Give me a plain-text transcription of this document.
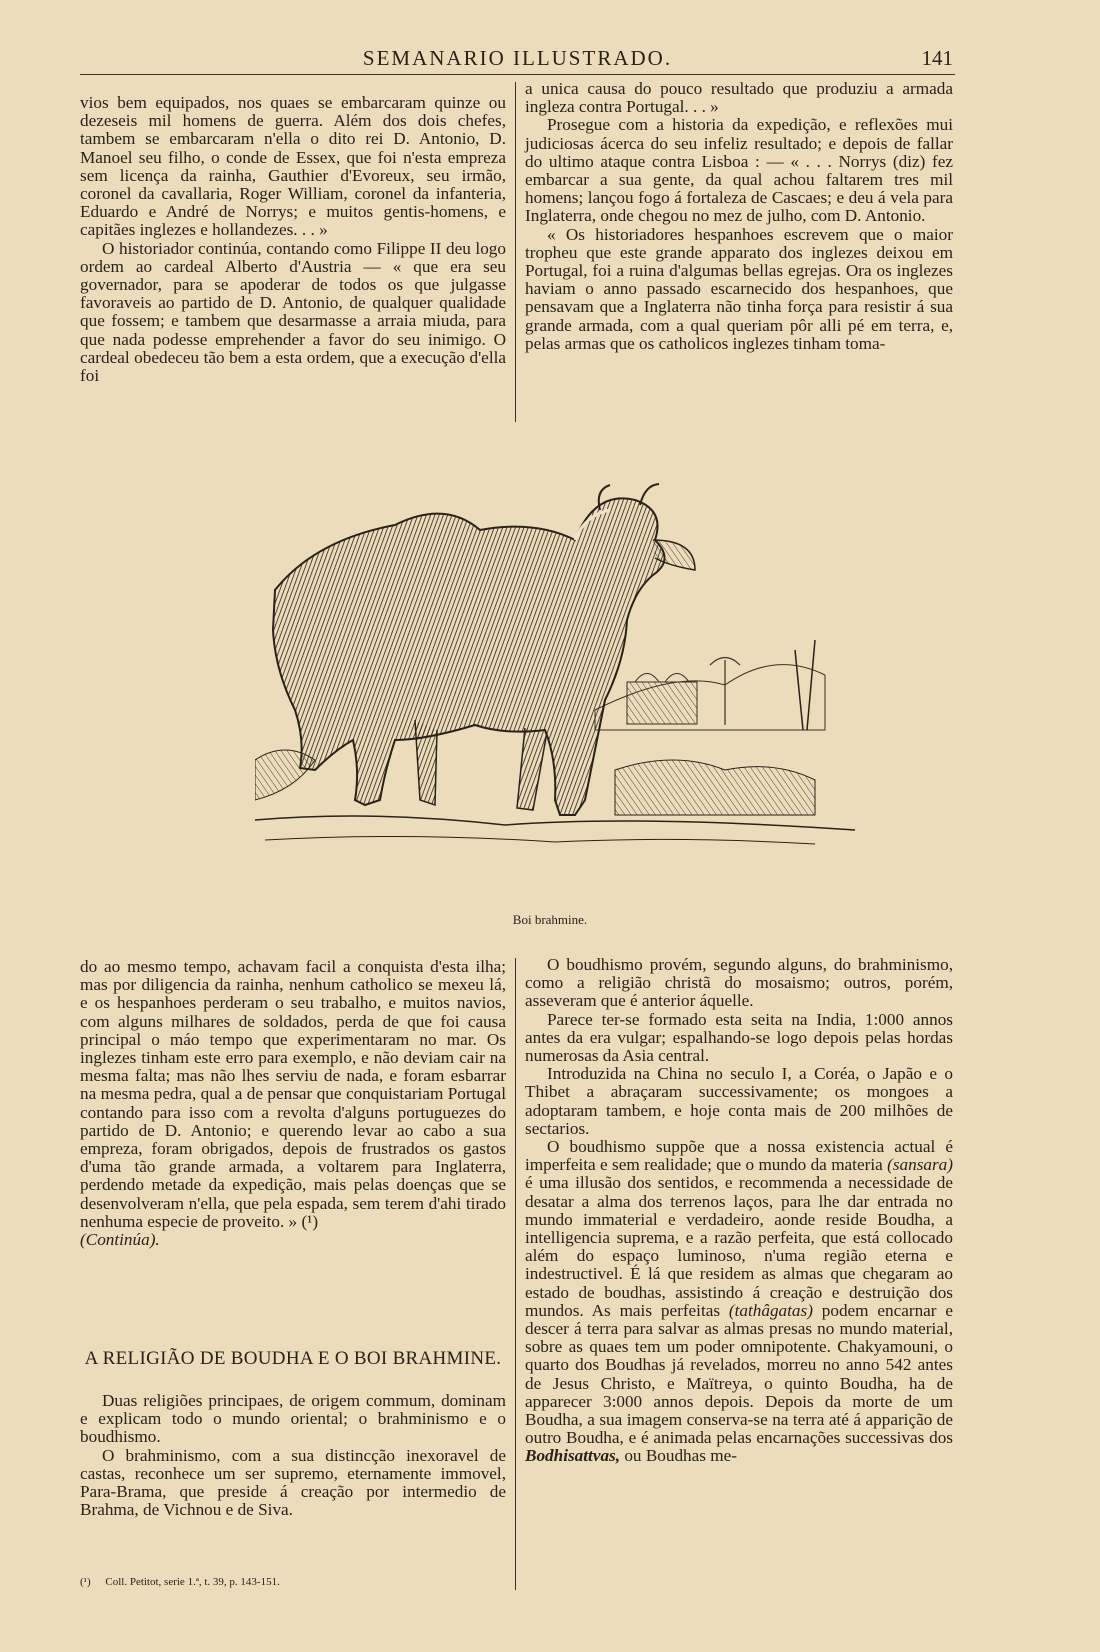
SEMANARIO ILLUSTRADO.	141

vios bem equipados, nos quaes se embarcaram quinze ou dezeseis mil homens de guerra. Além dos dois chefes, tambem se embarcaram n'ella o dito rei D. Antonio, D. Manoel seu filho, o conde de Essex, que foi n'esta empreza sem licença da rainha, Gauthier d'Evoreux, seu irmão, coronel da cavallaria, Roger William, coronel da infanteria, Eduardo e André de Norrys; e muitos gentis-homens, e capitães inglezes e hollandezes. . . »

O historiador continúa, contando como Filippe II deu logo ordem ao cardeal Alberto d'Austria — « que era seu governador, para se apoderar de todos os que julgasse favoraveis ao partido de D. Antonio, de qualquer qualidade que fossem; e tambem que desarmasse a arraia miuda, para que nada podesse emprehender a favor do seu inimigo. O cardeal obedeceu tão bem a esta ordem, que a execução d'ella foi

a unica causa do pouco resultado que produziu a armada ingleza contra Portugal. . . »

Prosegue com a historia da expedição, e reflexões mui judiciosas ácerca do seu infeliz resultado; e depois de fallar do ultimo ataque contra Lisboa : — « . . . Norrys (diz) fez embarcar a sua gente, da qual achou faltarem tres mil homens; lançou fogo á fortaleza de Cascaes; e deu á vela para Inglaterra, onde chegou no mez de julho, com D. Antonio.

« Os historiadores hespanhoes escrevem que o maior tropheu que este grande apparato dos inglezes deixou em Portugal, foi a ruina d'algumas bellas egrejas. Ora os inglezes haviam o anno passado escarnecido dos hespanhoes, que pensavam que a Inglaterra não tinha força para resistir á sua grande armada, com a qual queriam pôr alli pé em terra, e, pelas armas que os catholicos inglezes tinham toma-

Boi brahmine.

do ao mesmo tempo, achavam facil a conquista d'esta ilha; mas por diligencia da rainha, nenhum catholico se mexeu lá, e os hespanhoes perderam o seu trabalho, e muitos navios, com alguns milhares de soldados, perda de que foi causa principal o máo tempo que experimentaram no mar. Os inglezes tinham este erro para exemplo, e não deviam cair na mesma falta; mas não lhes serviu de nada, e foram esbarrar na mesma pedra, qual a de pensar que conquistariam Portugal contando para isso com a revolta d'alguns portuguezes do partido de D. Antonio; e querendo levar ao cabo a sua empreza, foram obrigados, depois de frustrados os gastos d'uma tão grande armada, a voltarem para Inglaterra, perdendo metade da expedição, mais pelas doenças que se desenvolveram n'ella, que pela espada, sem terem d'ahi tirado nenhuma especie de proveito. » (¹)

(Continúa).

A RELIGIÃO DE BOUDHA E O BOI BRAHMINE.

Duas religiões principaes, de origem commum, dominam e explicam todo o mundo oriental; o brahminismo e o boudhismo.

O brahminismo, com a sua distincção inexoravel de castas, reconhece um ser supremo, eternamente immovel, Para-Brama, que preside á creação por intermedio de Brahma, de Vichnou e de Siva.

(¹) Coll. Petitot, serie 1.ª, t. 39, p. 143-151.

O boudhismo provém, segundo alguns, do brahminismo, como a religião christã do mosaismo; outros, porém, asseveram que é anterior áquelle.

Parece ter-se formado esta seita na India, 1:000 annos antes da era vulgar; espalhando-se logo depois pelas hordas numerosas da Asia central.

Introduzida na China no seculo I, a Coréa, o Japão e o Thibet a abraçaram successivamente; os mongoes a adoptaram tambem, e hoje conta mais de 200 milhões de sectarios.

O boudhismo suppõe que a nossa existencia actual é imperfeita e sem realidade; que o mundo da materia (sansara) é uma illusão dos sentidos, e recommenda a necessidade de desatar a alma dos terrenos laços, para lhe dar entrada no mundo immaterial e verdadeiro, aonde reside Boudha, a intelligencia suprema, e a razão perfeita, que está collocado além do espaço luminoso, n'uma região eterna e indestructivel. É lá que residem as almas que chegaram ao estado de boudhas, assistindo á creação e destruição dos mundos. As mais perfeitas (tathâgatas) podem encarnar e descer á terra para salvar as almas presas no mundo material, sobre as quaes tem um poder omnipotente. Chakyamouni, o quarto dos Boudhas já revelados, morreu no anno 542 antes de Jesus Christo, e Maïtreya, o quinto Boudha, ha de apparecer 3:000 annos depois. Depois da morte de um Boudha, a sua imagem conserva-se na terra até á apparição de outro Boudha, e é animada pelas encarnações successivas dos Bodhisattvas, ou Boudhas me-
